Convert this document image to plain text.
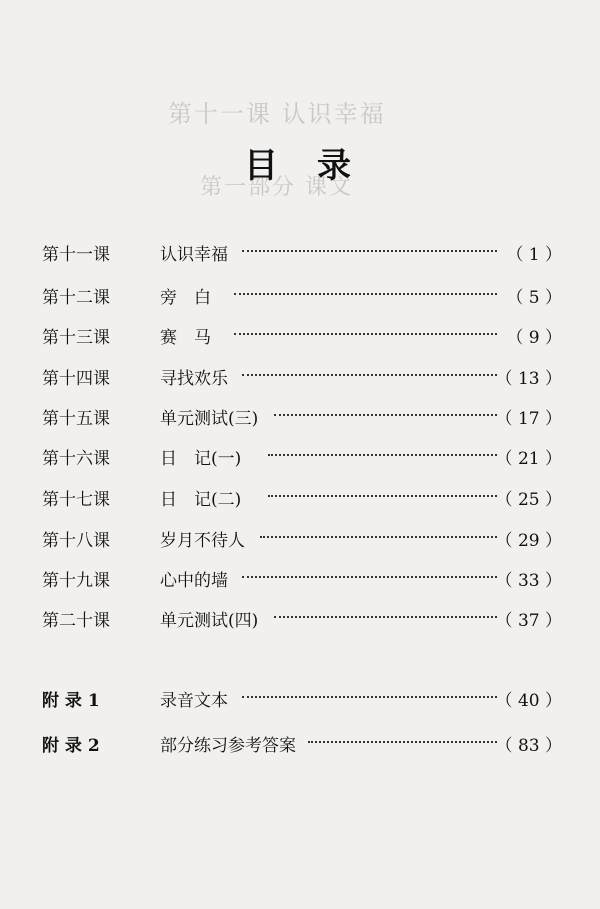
第十一课 认识幸福
第一部分 课文
目 录
第十一课	认识幸福	（ 1 ）
第十二课	旁　白	（ 5 ）
第十三课	赛　马	（ 9 ）
第十四课	寻找欢乐	（ 13 ）
第十五课	单元测试(三)	（ 17 ）
第十六课	日　记(一)	（ 21 ）
第十七课	日　记(二)	（ 25 ）
第十八课	岁月不待人	（ 29 ）
第十九课	心中的墙	（ 33 ）
第二十课	单元测试(四)	（ 37 ）
附 录 1	录音文本	（ 40 ）
附 录 2	部分练习参考答案	（ 83 ）
